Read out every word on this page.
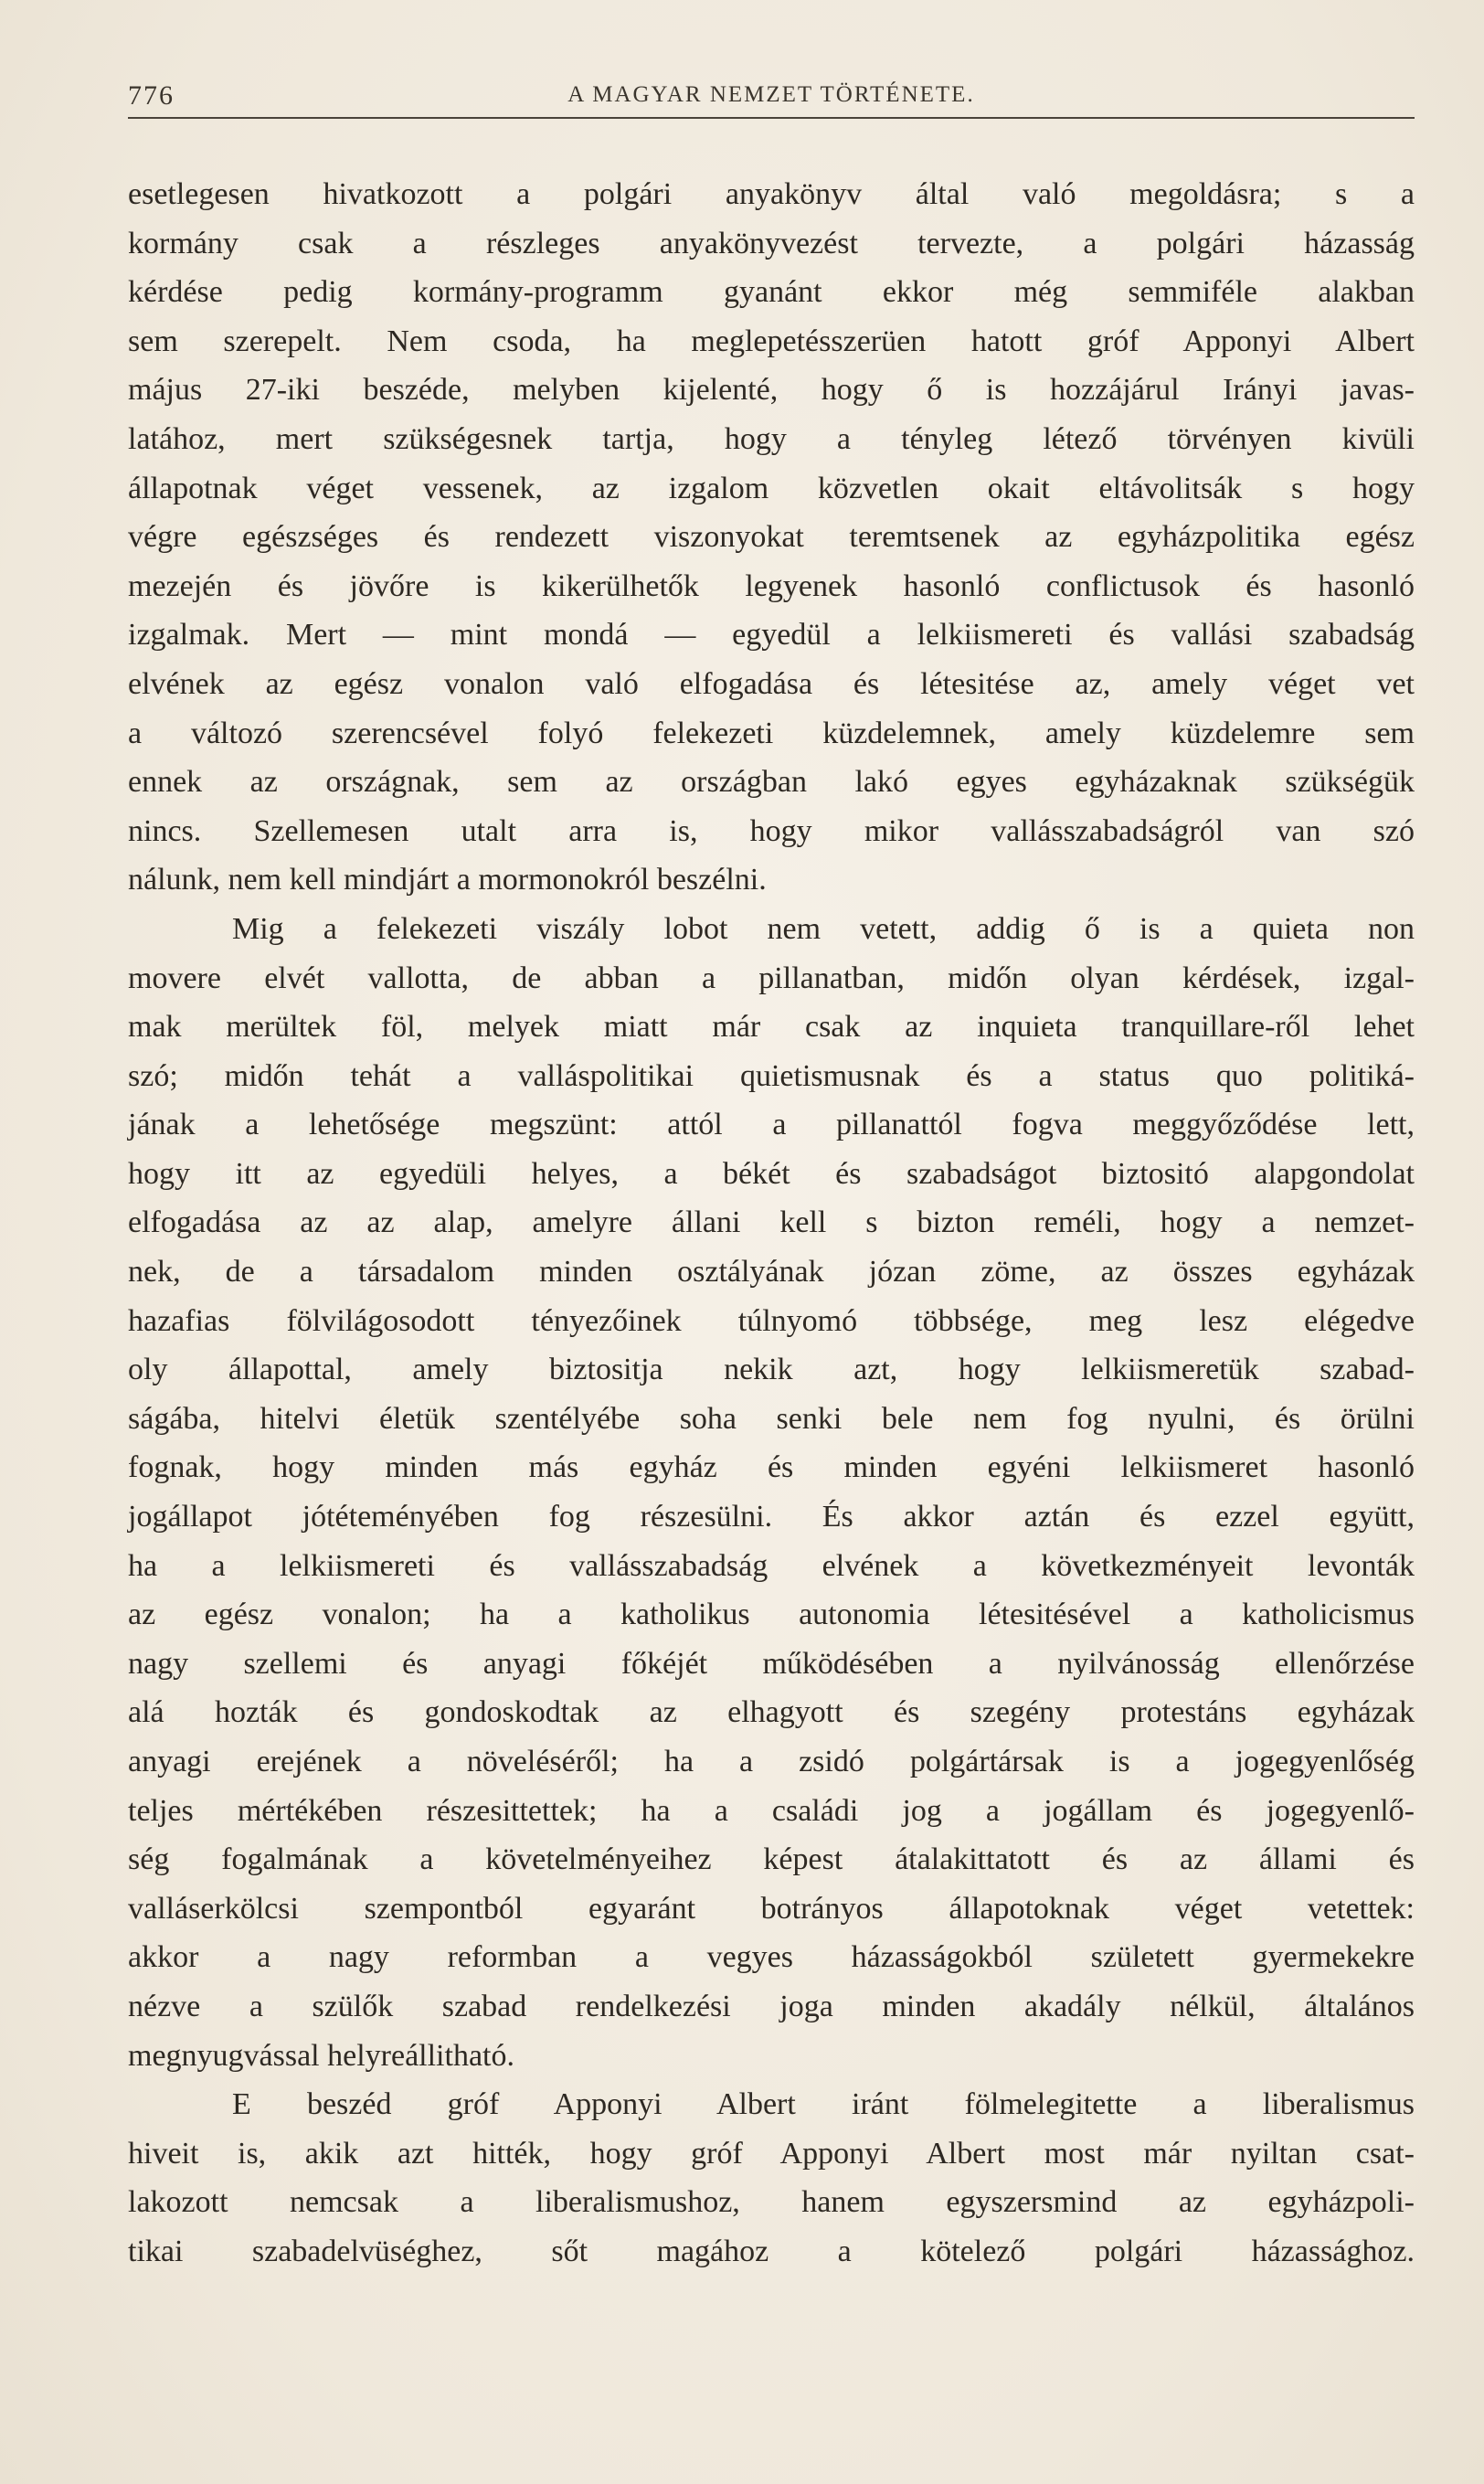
776	A MAGYAR NEMZET TÖRTÉNETE.
esetlegesen hivatkozott a polgári anyakönyv által való megoldásra; s a
kormány csak a részleges anyakönyvezést tervezte, a polgári házasság
kérdése pedig kormány-programm gyanánt ekkor még semmiféle alakban
sem szerepelt. Nem csoda, ha meglepetésszerüen hatott gróf Apponyi Albert
május 27-iki beszéde, melyben kijelenté, hogy ő is hozzájárul Irányi javas-
latához, mert szükségesnek tartja, hogy a tényleg létező törvényen kivüli
állapotnak véget vessenek, az izgalom közvetlen okait eltávolitsák s hogy
végre egészséges és rendezett viszonyokat teremtsenek az egyházpolitika egész
mezején és jövőre is kikerülhetők legyenek hasonló conflictusok és hasonló
izgalmak. Mert — mint mondá — egyedül a lelkiismereti és vallási szabadság
elvének az egész vonalon való elfogadása és létesitése az, amely véget vet
a változó szerencsével folyó felekezeti küzdelemnek, amely küzdelemre sem
ennek az országnak, sem az országban lakó egyes egyházaknak szükségük
nincs. Szellemesen utalt arra is, hogy mikor vallásszabadságról van szó
nálunk, nem kell mindjárt a mormonokról beszélni.
Mig a felekezeti viszály lobot nem vetett, addig ő is a quieta non
movere elvét vallotta, de abban a pillanatban, midőn olyan kérdések, izgal-
mak merültek föl, melyek miatt már csak az inquieta tranquillare-ről lehet
szó; midőn tehát a valláspolitikai quietismusnak és a status quo politiká-
jának a lehetősége megszünt: attól a pillanattól fogva meggyőződése lett,
hogy itt az egyedüli helyes, a békét és szabadságot biztositó alapgondolat
elfogadása az az alap, amelyre állani kell s bizton reméli, hogy a nemzet-
nek, de a társadalom minden osztályának józan zöme, az összes egyházak
hazafias fölvilágosodott tényezőinek túlnyomó többsége, meg lesz elégedve
oly állapottal, amely biztositja nekik azt, hogy lelkiismeretük szabad-
ságába, hitelvi életük szentélyébe soha senki bele nem fog nyulni, és örülni
fognak, hogy minden más egyház és minden egyéni lelkiismeret hasonló
jogállapot jótéteményében fog részesülni. És akkor aztán és ezzel együtt,
ha a lelkiismereti és vallásszabadság elvének a következményeit levonták
az egész vonalon; ha a katholikus autonomia létesitésével a katholicismus
nagy szellemi és anyagi főkéjét működésében a nyilvánosság ellenőrzése
alá hozták és gondoskodtak az elhagyott és szegény protestáns egyházak
anyagi erejének a növeléséről; ha a zsidó polgártársak is a jogegyenlőség
teljes mértékében részesittettek; ha a családi jog a jogállam és jogegyenlő-
ség fogalmának a követelményeihez képest átalakittatott és az állami és
valláserkölcsi szempontból egyaránt botrányos állapotoknak véget vetettek:
akkor a nagy reformban a vegyes házasságokból született gyermekekre
nézve a szülők szabad rendelkezési joga minden akadály nélkül, általános
megnyugvással helyreállitható.
E beszéd gróf Apponyi Albert iránt fölmelegitette a liberalismus
hiveit is, akik azt hitték, hogy gróf Apponyi Albert most már nyiltan csat-
lakozott nemcsak a liberalismushoz, hanem egyszersmind az egyházpoli-
tikai szabadelvüséghez, sőt magához a kötelező polgári házassághoz.
